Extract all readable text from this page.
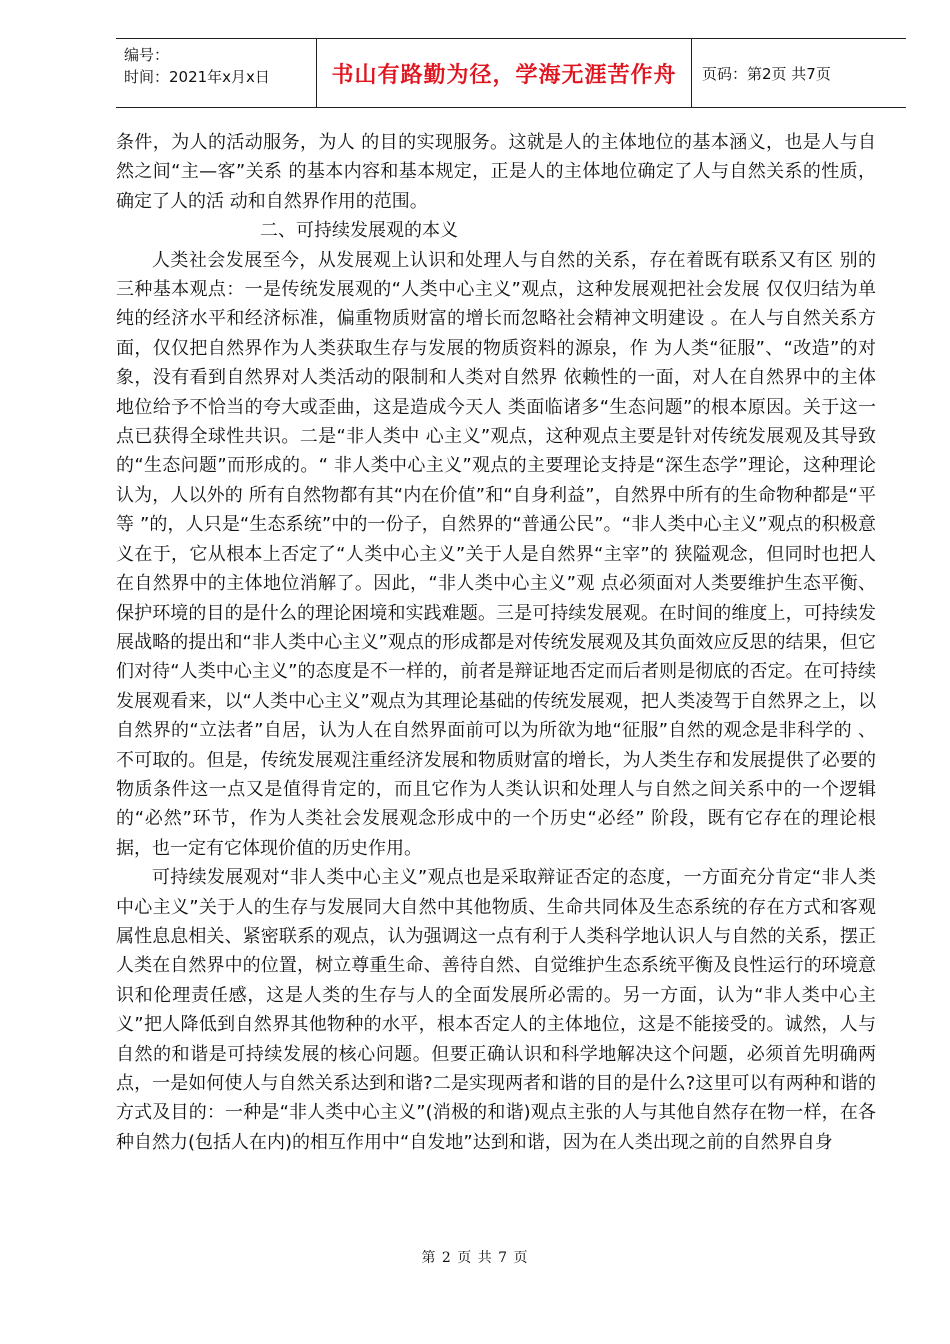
编号：
时间：2021年x月x日	书山有路勤为径，学海无涯苦作舟	页码：第2页 共7页

条件，为人的活动服务，为人 的目的实现服务。这就是人的主体地位的基本涵义，也是人与自然之间“主—客”关系 的基本内容和基本规定，正是人的主体地位确定了人与自然关系的性质，确定了人的活 动和自然界作用的范围。

二、可持续发展观的本义

人类社会发展至今，从发展观上认识和处理人与自然的关系，存在着既有联系又有区 别的三种基本观点：一是传统发展观的“人类中心主义”观点，这种发展观把社会发展 仅仅归结为单纯的经济水平和经济标准，偏重物质财富的增长而忽略社会精神文明建设 。在人与自然关系方面，仅仅把自然界作为人类获取生存与发展的物质资料的源泉，作 为人类“征服”、“改造”的对象，没有看到自然界对人类活动的限制和人类对自然界 依赖性的一面，对人在自然界中的主体地位给予不恰当的夸大或歪曲，这是造成今天人 类面临诸多“生态问题”的根本原因。关于这一点已获得全球性共识。二是“非人类中 心主义”观点，这种观点主要是针对传统发展观及其导致的“生态问题”而形成的。“ 非人类中心主义”观点的主要理论支持是“深生态学”理论，这种理论认为，人以外的 所有自然物都有其“内在价值”和“自身利益”，自然界中所有的生命物种都是“平等 ”的，人只是“生态系统”中的一份子，自然界的“普通公民”。“非人类中心主义”观点的积极意义在于，它从根本上否定了“人类中心主义”关于人是自然界“主宰”的 狭隘观念，但同时也把人在自然界中的主体地位消解了。因此，“非人类中心主义”观 点必须面对人类要维护生态平衡、保护环境的目的是什么的理论困境和实践难题。三是可持续发展观。在时间的维度上，可持续发展战略的提出和“非人类中心主义”观点的形成都是对传统发展观及其负面效应反思的结果，但它们对待“人类中心主义”的态度是不一样的，前者是辩证地否定而后者则是彻底的否定。在可持续发展观看来，以“人类中心主义”观点为其理论基础的传统发展观，把人类凌驾于自然界之上，以自然界的“立法者”自居，认为人在自然界面前可以为所欲为地“征服”自然的观念是非科学的 、不可取的。但是，传统发展观注重经济发展和物质财富的增长，为人类生存和发展提供了必要的物质条件这一点又是值得肯定的，而且它作为人类认识和处理人与自然之间关系中的一个逻辑的“必然”环节，作为人类社会发展观念形成中的一个历史“必经” 阶段，既有它存在的理论根据，也一定有它体现价值的历史作用。

可持续发展观对“非人类中心主义”观点也是采取辩证否定的态度，一方面充分肯定“非人类中心主义”关于人的生存与发展同大自然中其他物质、生命共同体及生态系统的存在方式和客观属性息息相关、紧密联系的观点，认为强调这一点有利于人类科学地认识人与自然的关系，摆正人类在自然界中的位置，树立尊重生命、善待自然、自觉维护生态系统平衡及良性运行的环境意识和伦理责任感，这是人类的生存与人的全面发展所必需的。另一方面，认为“非人类中心主义”把人降低到自然界其他物种的水平，根本否定人的主体地位，这是不能接受的。诚然，人与自然的和谐是可持续发展的核心问题。但要正确认识和科学地解决这个问题，必须首先明确两点，一是如何使人与自然关系达到和谐?二是实现两者和谐的目的是什么?这里可以有两种和谐的方式及目的：一种是“非人类中心主义”(消极的和谐)观点主张的人与其他自然存在物一样，在各种自然力(包括人在内)的相互作用中“自发地”达到和谐，因为在人类出现之前的自然界自身

第 2 页 共 7 页
